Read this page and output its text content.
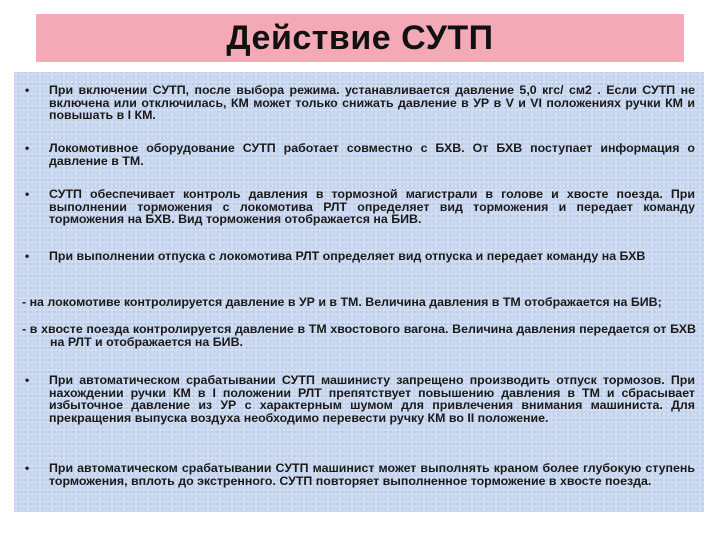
Действие СУТП
• При включении СУТП, после выбора режима. устанавливается давление 5,0 кгс/ см2 . Если СУТП не включена или отключилась, КМ может только снижать давление в УР в V и VI положениях ручки КМ и повышать в I КМ.
• Локомотивное оборудование СУТП работает совместно с БХВ. От БХВ поступает информация о давление в ТМ.
• СУТП обеспечивает контроль давления в тормозной магистрали в голове и хвосте поезда. При выполнении торможения с локомотива РЛТ определяет вид торможения и передает команду торможения на БХВ. Вид торможения отображается на БИВ.
• При выполнении отпуска с локомотива РЛТ определяет вид отпуска и передает команду на БХВ
- на локомотиве контролируется давление в УР и в ТМ. Величина давления в ТМ отображается на БИВ;
- в хвосте поезда контролируется давление в ТМ хвостового вагона. Величина давления передается от БХВ на РЛТ и отображается на БИВ.
• При автоматическом срабатывании СУТП машинисту запрещено производить отпуск тормозов. При нахождении ручки КМ в I положении РЛТ препятствует повышению давления в ТМ и сбрасывает избыточное давление из УР с характерным шумом для привлечения внимания машиниста. Для прекращения выпуска воздуха необходимо перевести ручку КМ во II положение.
• При автоматическом срабатывании СУТП машинист может выполнять краном более глубокую ступень торможения, вплоть до экстренного. СУТП повторяет выполненное торможение в хвосте поезда.
